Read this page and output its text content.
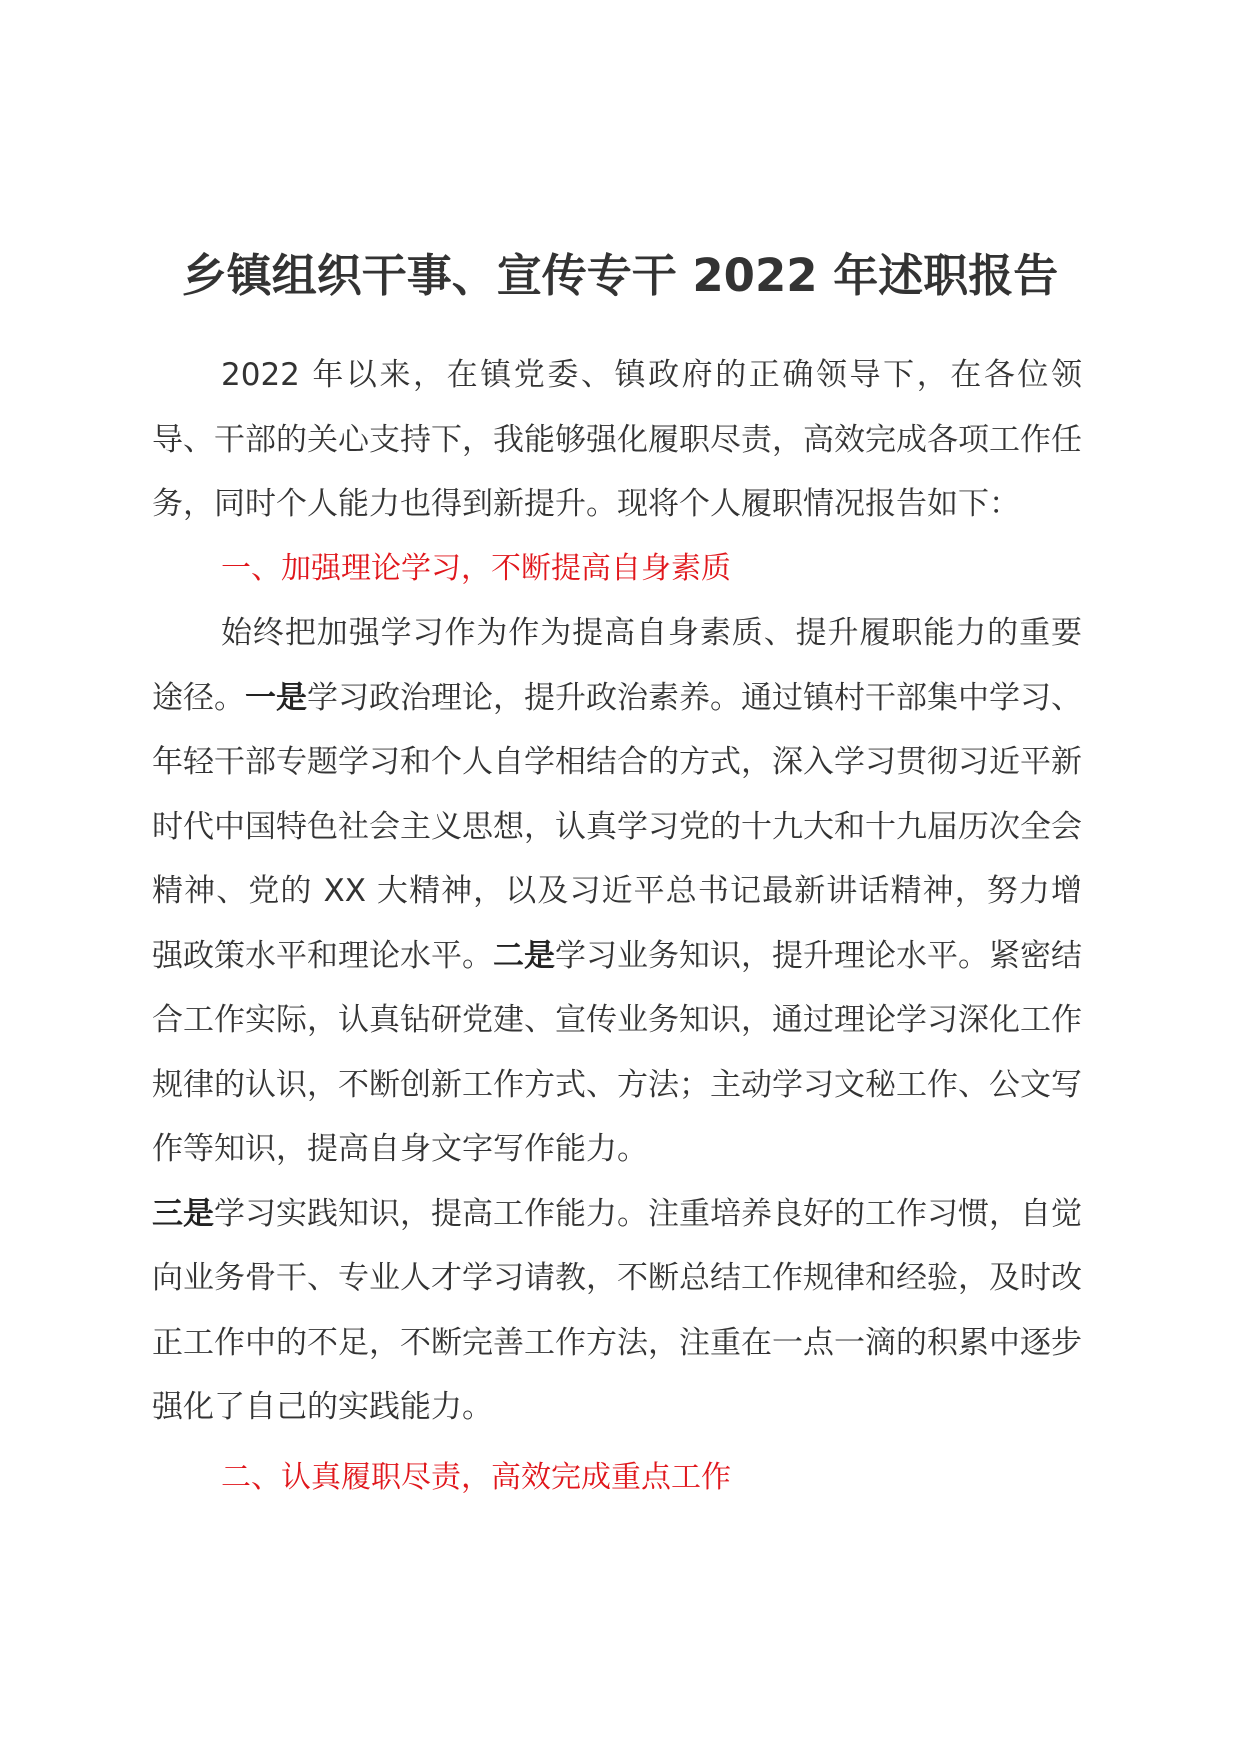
乡镇组织干事、宣传专干 2022 年述职报告

2022 年以来，在镇党委、镇政府的正确领导下，在各位领导、干部的关心支持下，我能够强化履职尽责，高效完成各项工作任务，同时个人能力也得到新提升。现将个人履职情况报告如下：

一、加强理论学习，不断提高自身素质

始终把加强学习作为作为提高自身素质、提升履职能力的重要途径。一是学习政治理论，提升政治素养。通过镇村干部集中学习、年轻干部专题学习和个人自学相结合的方式，深入学习贯彻习近平新时代中国特色社会主义思想，认真学习党的十九大和十九届历次全会精神、党的 XX 大精神，以及习近平总书记最新讲话精神，努力增强政策水平和理论水平。二是学习业务知识，提升理论水平。紧密结合工作实际，认真钻研党建、宣传业务知识，通过理论学习深化工作规律的认识，不断创新工作方式、方法；主动学习文秘工作、公文写作等知识，提高自身文字写作能力。
三是学习实践知识，提高工作能力。注重培养良好的工作习惯，自觉向业务骨干、专业人才学习请教，不断总结工作规律和经验，及时改正工作中的不足，不断完善工作方法，注重在一点一滴的积累中逐步强化了自己的实践能力。

二、认真履职尽责，高效完成重点工作
